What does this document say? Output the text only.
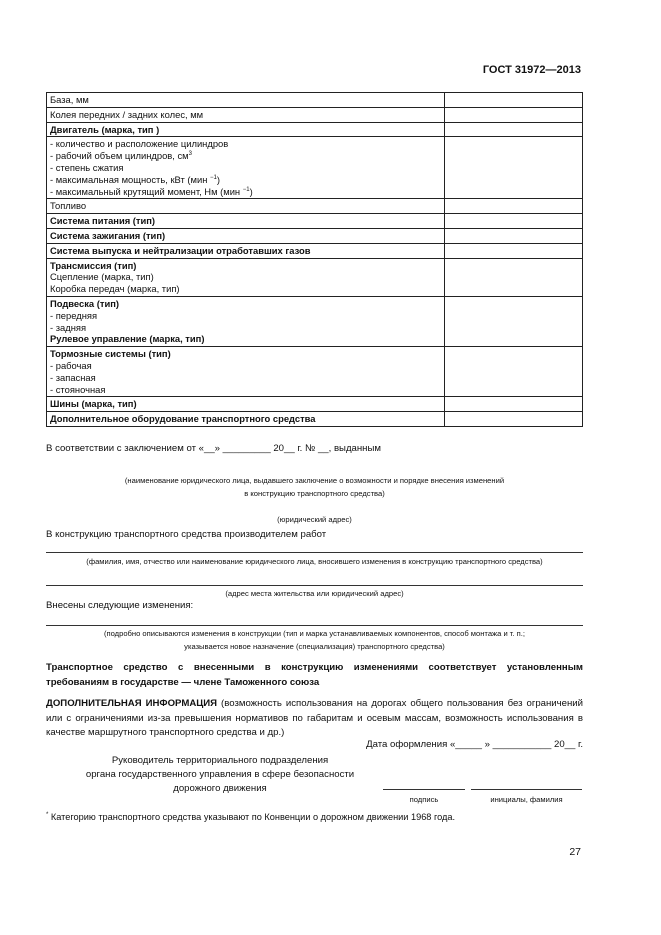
ГОСТ 31972—2013
База, мм	
Колея передних / задних колес, мм	
Двигатель (марка, тип )	

- количество и расположение цилиндров
- рабочий объем цилиндров, $см^3$
- степень сжатия
- максимальная мощность, кВт (мин $^{-1}$)
- максимальный крутящий момент, Нм (мин $^{-1}$)	

Топливо	
Система питания (тип)	
Система зажигания (тип)	
Система выпуска и нейтрализации отработавших газов	

Трансмиссия (тип)
Сцепление (марка, тип)
Коробка передач (марка, тип)	

Подвеска (тип)
- передняя
- задняя
Рулевое управление (марка, тип)	

Тормозные системы (тип)
- рабочая
- запасная
- стояночная	

Шины (марка, тип)	
Дополнительное оборудование транспортного средства	
В соответствии с заключением от «__» _________ 20__ г. № __, выданным
(наименование юридического лица, выдавшего заключение о возможности и порядке внесения изменений
в конструкцию транспортного средства)
(юридический адрес)
В конструкцию транспортного средства производителем работ
(фамилия, имя, отчество или наименование юридического лица, вносившего изменения в конструкцию транспортного средства)
(адрес места жительства или юридический адрес)
Внесены следующие изменения:
(подробно описываются изменения в конструкции (тип и марка устанавливаемых компонентов, способ монтажа и т. п.;
указывается новое назначение (специализация) транспортного средства)
Транспортное средство с внесенными в конструкцию изменениями соответствует установленным требованиям в государстве — члене Таможенного союза
ДОПОЛНИТЕЛЬНАЯ ИНФОРМАЦИЯ (возможность использования на дорогах общего пользования без ограничений или с ограничениями из-за превышения нормативов по габаритам и осевым массам, возможность использования в качестве маршрутного транспортного средства и др.)
Дата оформления «_____ » ___________ 20__ г.
Руководитель территориального подразделения
органа государственного управления в сфере безопасности
дорожного движения
подпись	инициалы, фамилия
* Категорию транспортного средства указывают по Конвенции о дорожном движении 1968 года.
27
